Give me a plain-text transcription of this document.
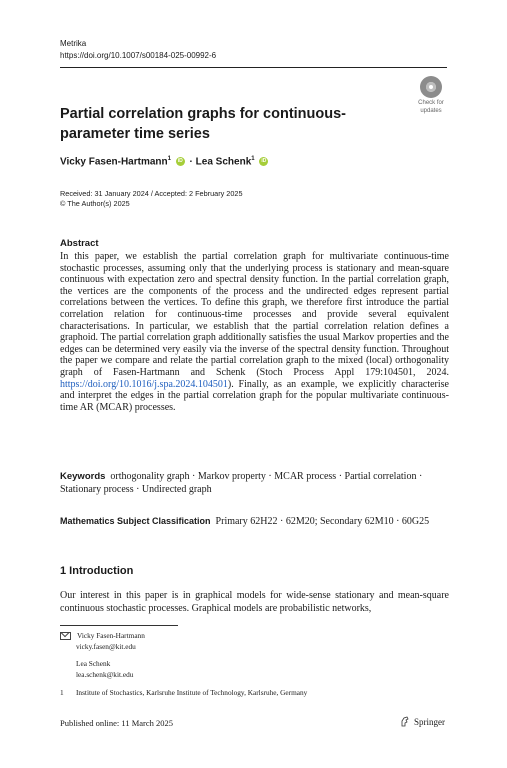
Metrika
https://doi.org/10.1007/s00184-025-00992-6
Check for
updates
Partial correlation graphs for continuous-parameter time series
Vicky Fasen-Hartmann$^1$ iD · Lea Schenk$^1$ iD
Received: 31 January 2024 / Accepted: 2 February 2025
© The Author(s) 2025
Abstract
In this paper, we establish the partial correlation graph for multivariate continuous-time stochastic processes, assuming only that the underlying process is stationary and mean-square continuous with expectation zero and spectral density function. In the partial correlation graph, the vertices are the components of the process and the undirected edges represent partial correlations between the vertices. To define this graph, we therefore first introduce the partial correlation relation for continuous-time processes and provide several equivalent characterisations. In particular, we establish that the partial correlation relation defines a graphoid. The partial correlation graph additionally satisfies the usual Markov properties and the edges can be determined very easily via the inverse of the spectral density function. Throughout the paper we compare and relate the partial correlation graph to the mixed (local) orthogonality graph of Fasen-Hartmann and Schenk (Stoch Process Appl 179:104501, 2024. https://doi.org/10.1016/j.spa.2024.104501). Finally, as an example, we explicitly characterise and interpret the edges in the partial correlation graph for the popular multivariate continuous-time AR (MCAR) processes.
Keywords orthogonality graph · Markov property · MCAR process · Partial correlation · Stationary process · Undirected graph
Mathematics Subject Classification Primary 62H22 · 62M20; Secondary 62M10 · 60G25
1 Introduction
Our interest in this paper is in graphical models for wide-sense stationary and mean-square continuous stochastic processes. Graphical models are probabilistic networks,
Vicky Fasen-Hartmann
vicky.fasen@kit.edu
Lea Schenk
lea.schenk@kit.edu
1 Institute of Stochastics, Karlsruhe Institute of Technology, Karlsruhe, Germany
Published online: 11 March 2025	Springer
